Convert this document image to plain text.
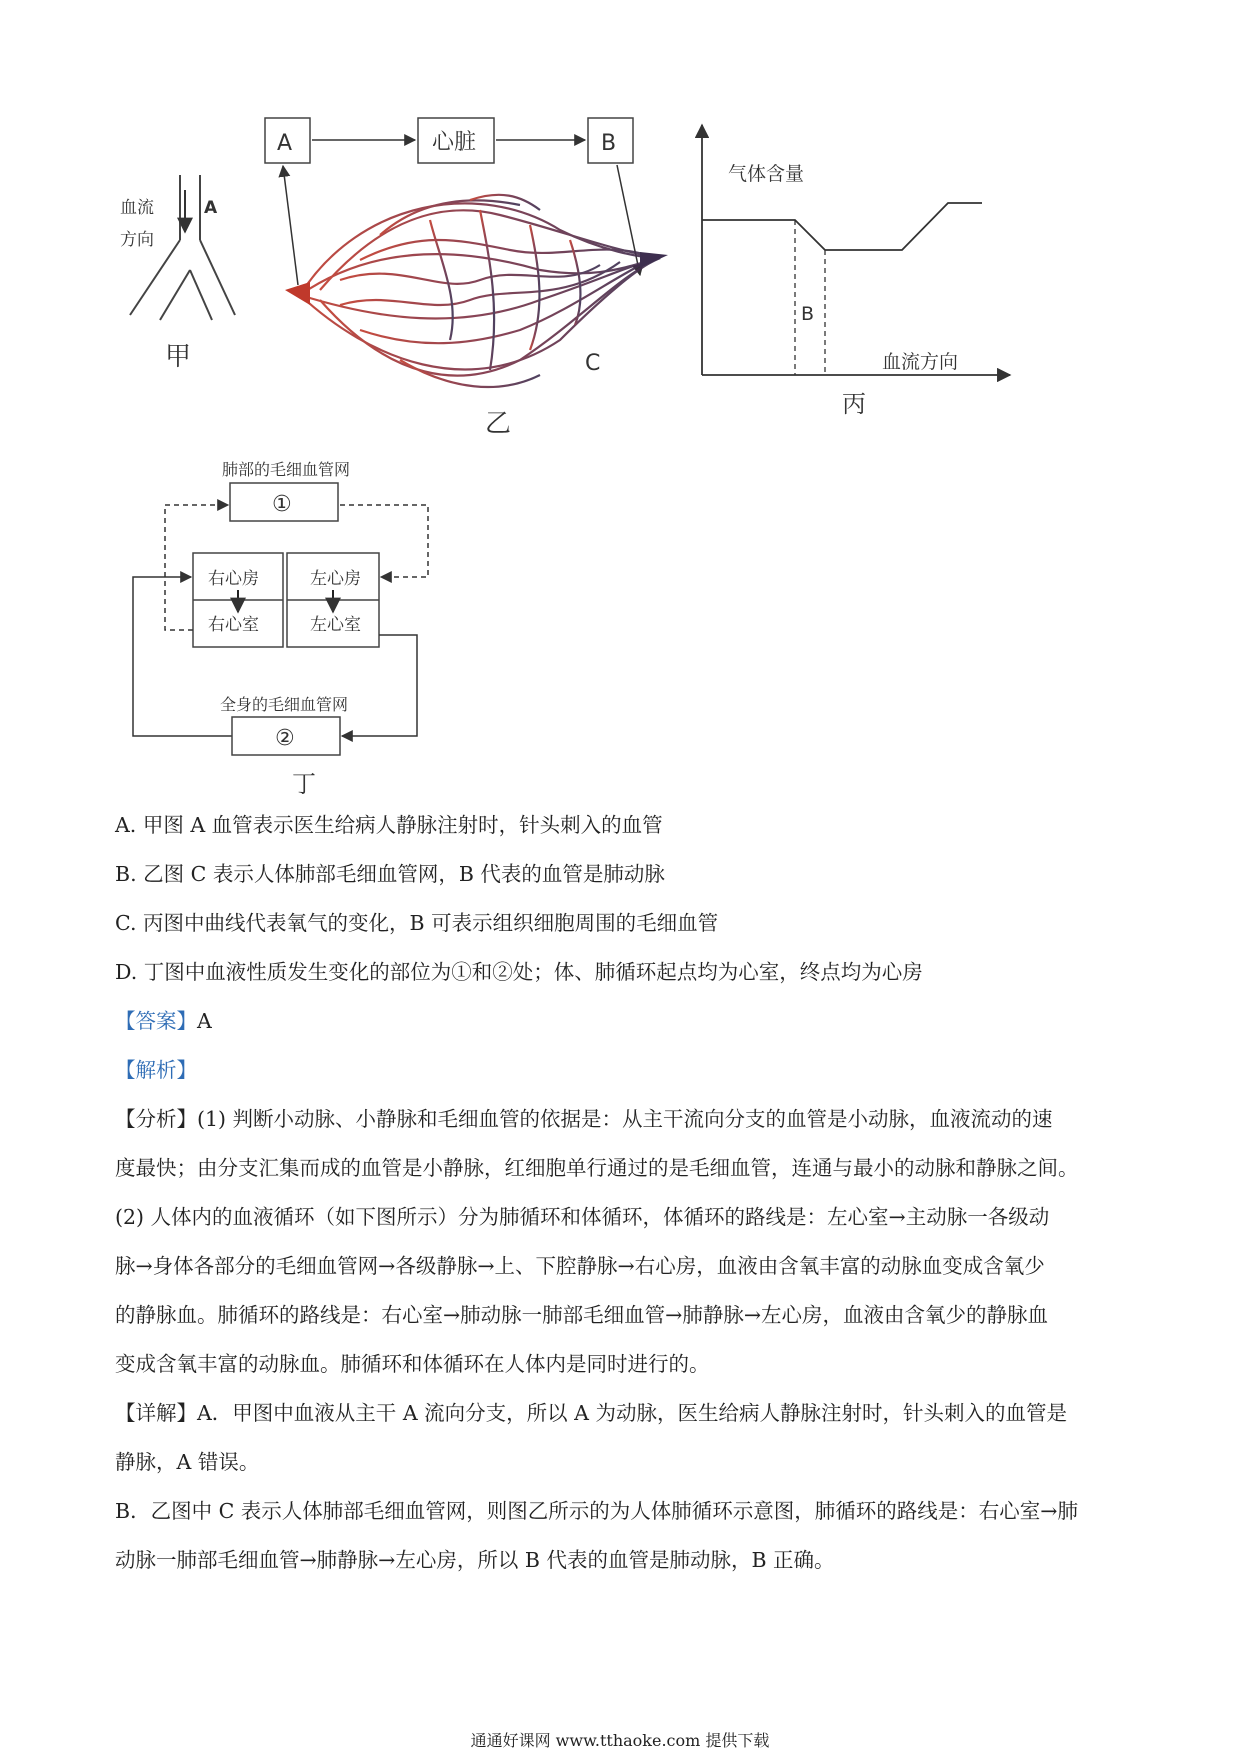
血流
方向
A
甲
A	心脏	B
C
乙
气体含量
血流方向
B
丙
肺部的毛细血管网
①
右心房
右心室
左心房
左心室
全身的毛细血管网
②
丁
A. 甲图 A 血管表示医生给病人静脉注射时，针头刺入的血管
B. 乙图 C 表示人体肺部毛细血管网，B 代表的血管是肺动脉
C. 丙图中曲线代表氧气的变化，B 可表示组织细胞周围的毛细血管
D. 丁图中血液性质发生变化的部位为①和②处；体、肺循环起点均为心室，终点均为心房
【答案】A
【解析】
【分析】(1) 判断小动脉、小静脉和毛细血管的依据是：从主干流向分支的血管是小动脉，血液流动的速
度最快；由分支汇集而成的血管是小静脉，红细胞单行通过的是毛细血管，连通与最小的动脉和静脉之间。
(2) 人体内的血液循环（如下图所示）分为肺循环和体循环，体循环的路线是：左心室→主动脉一各级动
脉→身体各部分的毛细血管网→各级静脉→上、下腔静脉→右心房，血液由含氧丰富的动脉血变成含氧少
的静脉血。肺循环的路线是：右心室→肺动脉一肺部毛细血管→肺静脉→左心房，血液由含氧少的静脉血
变成含氧丰富的动脉血。肺循环和体循环在人体内是同时进行的。
【详解】A．甲图中血液从主干 A 流向分支，所以 A 为动脉，医生给病人静脉注射时，针头刺入的血管是
静脉，A 错误。
B．乙图中 C 表示人体肺部毛细血管网，则图乙所示的为人体肺循环示意图，肺循环的路线是：右心室→肺
动脉一肺部毛细血管→肺静脉→左心房，所以 B 代表的血管是肺动脉，B 正确。
通通好课网 www.tthaoke.com 提供下载
